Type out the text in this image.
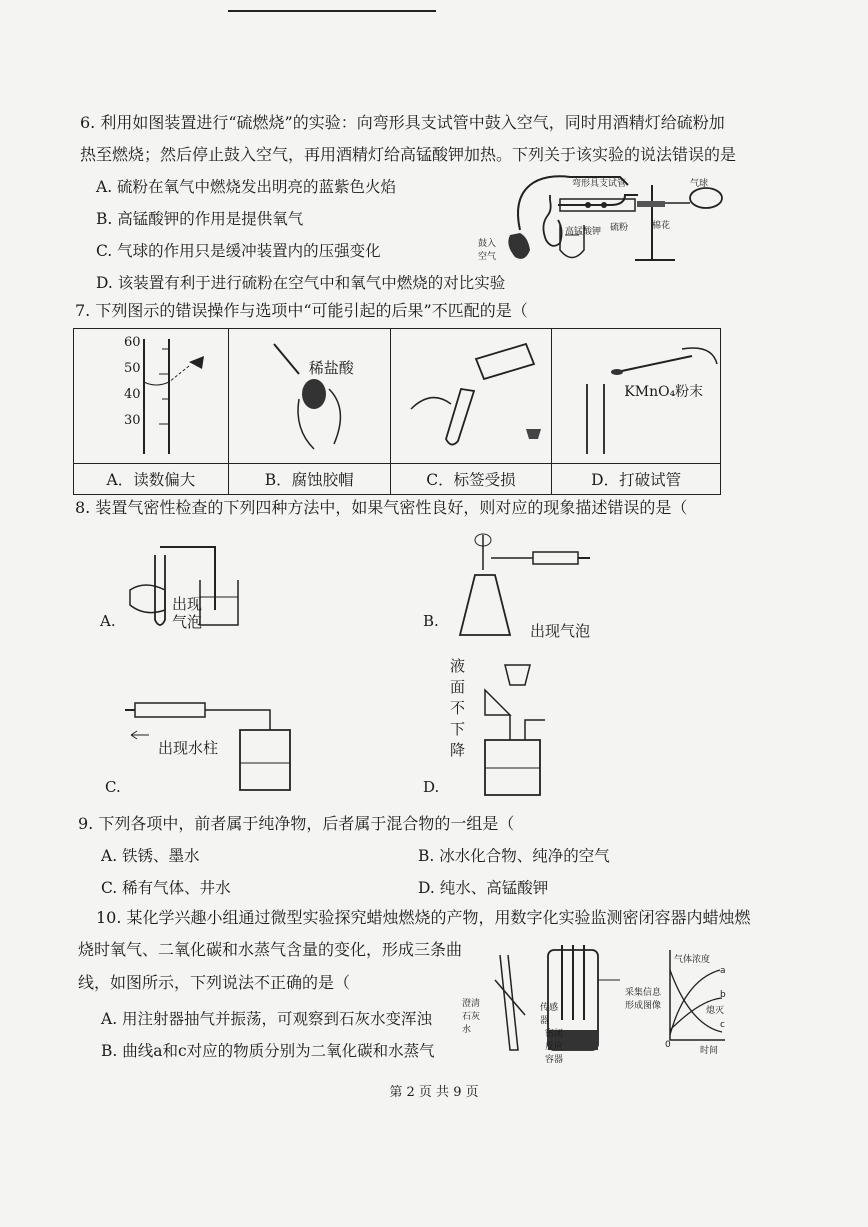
6. 利用如图装置进行“硫燃烧”的实验：向弯形具支试管中鼓入空气，同时用酒精灯给硫粉加
热至燃烧；然后停止鼓入空气，再用酒精灯给高锰酸钾加热。下列关于该实验的说法错误的是
A. 硫粉在氧气中燃烧发出明亮的蓝紫色火焰
B. 高锰酸钾的作用是提供氧气
C. 气球的作用只是缓冲装置内的压强变化
D. 该装置有利于进行硫粉在空气中和氧气中燃烧的对比实验
弯形具支试管	气球
高锰酸钾 硫粉	棉花
鼓入空气
7. 下列图示的错误操作与选项中“可能引起的后果”不匹配的是（
60
50
40
30	稀盐酸		KMnO₄粉末

A．读数偏大	B．腐蚀胶帽	C．标签受损	D．打破试管
8. 装置气密性检查的下列四种方法中，如果气密性良好，则对应的现象描述错误的是（
A.
出现
气泡	B.
出现气泡
出现水柱
C.
液
面
不
下
降
D.
9. 下列各项中，前者属于纯净物，后者属于混合物的一组是（
A. 铁锈、墨水	B. 冰水化合物、纯净的空气
C. 稀有气体、井水	D. 纯水、高锰酸钾
10. 某化学兴趣小组通过微型实验探究蜡烛燃烧的产物，用数字化实验监测密闭容器内蜡烛燃
烧时氧气、二氧化碳和水蒸气含量的变化，形成三条曲
线，如图所示，下列说法不正确的是（
A. 用注射器抽气并振荡，可观察到石灰水变浑浊
B. 曲线a和c对应的物质分别为二氧化碳和水蒸气
澄清石灰水
传感器
密闭反应容器
采集信息形成图像
气体浓度
时间
0
a
b
c
熄灭
第 2 页 共 9 页
